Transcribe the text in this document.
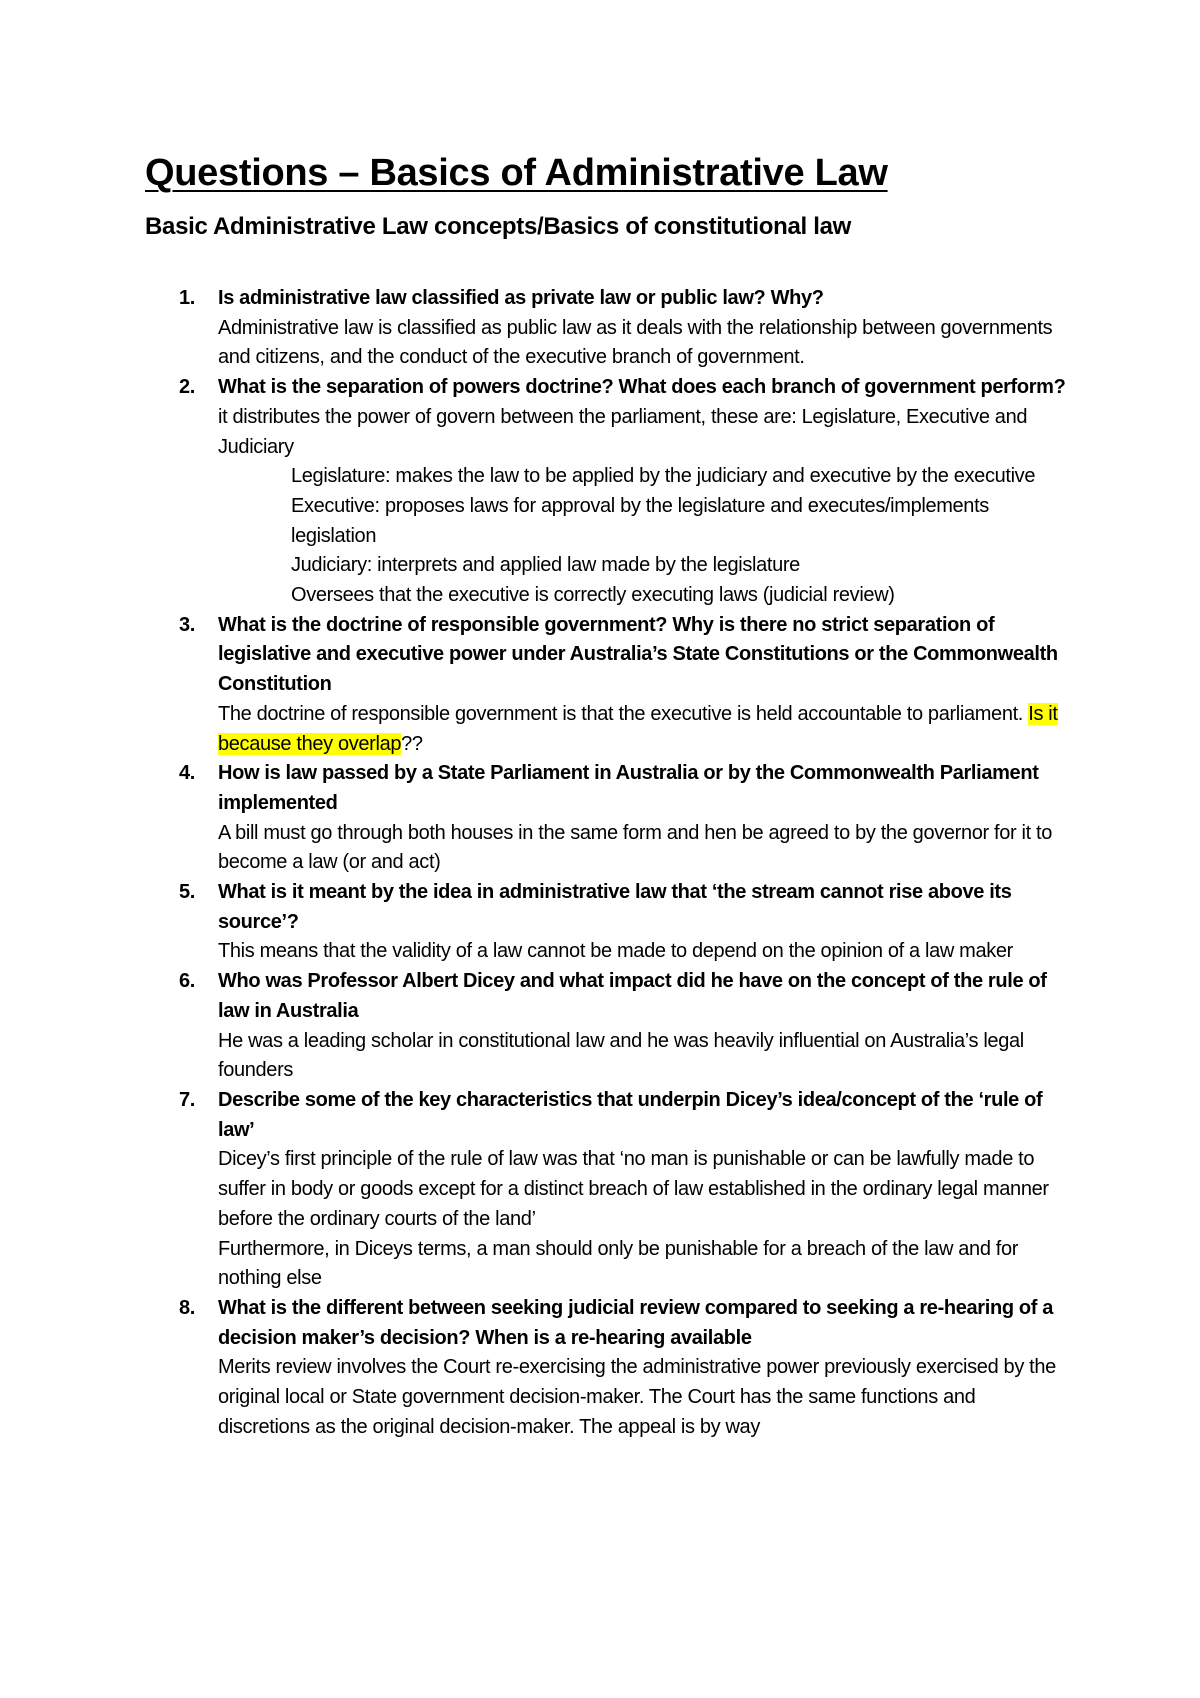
Questions – Basics of Administrative Law
Basic Administrative Law concepts/Basics of constitutional law
1. Is administrative law classified as private law or public law? Why?
Administrative law is classified as public law as it deals with the relationship between governments and citizens, and the conduct of the executive branch of government.
2. What is the separation of powers doctrine? What does each branch of government perform?
it distributes the power of govern between the parliament, these are: Legislature, Executive and Judiciary
Legislature: makes the law to be applied by the judiciary and executive by the executive
Executive: proposes laws for approval by the legislature and executes/implements legislation
Judiciary: interprets and applied law made by the legislature
Oversees that the executive is correctly executing laws (judicial review)
3. What is the doctrine of responsible government? Why is there no strict separation of legislative and executive power under Australia’s State Constitutions or the Commonwealth Constitution
The doctrine of responsible government is that the executive is held accountable to parliament. Is it because they overlap??
4. How is law passed by a State Parliament in Australia or by the Commonwealth Parliament implemented
A bill must go through both houses in the same form and hen be agreed to by the governor for it to become a law (or and act)
5. What is it meant by the idea in administrative law that ‘the stream cannot rise above its source’?
This means that the validity of a law cannot be made to depend on the opinion of a law maker
6. Who was Professor Albert Dicey and what impact did he have on the concept of the rule of law in Australia
He was a leading scholar in constitutional law and he was heavily influential on Australia’s legal founders
7. Describe some of the key characteristics that underpin Dicey’s idea/concept of the ‘rule of law’
Dicey’s first principle of the rule of law was that ‘no man is punishable or can be lawfully made to suffer in body or goods except for a distinct breach of law established in the ordinary legal manner before the ordinary courts of the land’
Furthermore, in Diceys terms, a man should only be punishable for a breach of the law and for nothing else
8. What is the different between seeking judicial review compared to seeking a re-hearing of a decision maker’s decision? When is a re-hearing available
Merits review involves the Court re-exercising the administrative power previously exercised by the original local or State government decision-maker. The Court has the same functions and discretions as the original decision-maker. The appeal is by way
